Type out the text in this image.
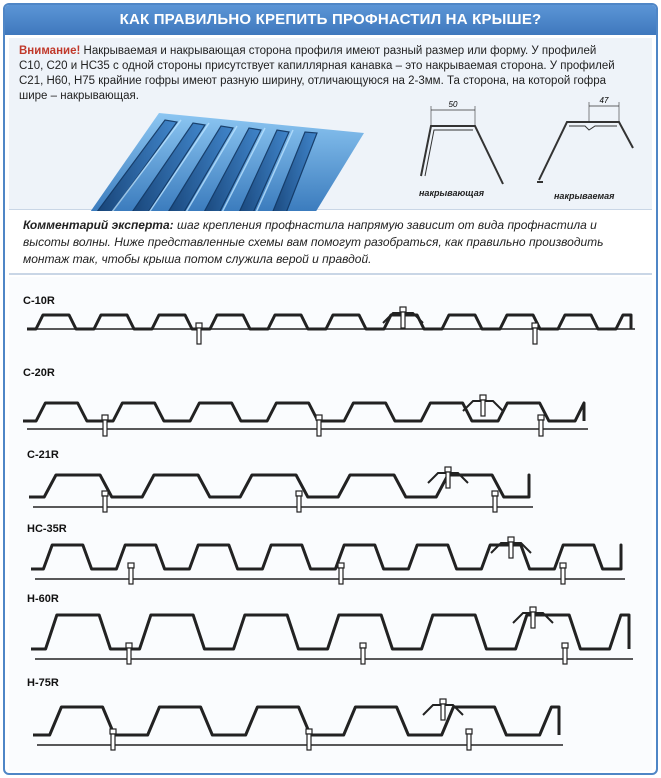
КАК ПРАВИЛЬНО КРЕПИТЬ ПРОФНАСТИЛ НА КРЫШЕ?
Внимание! Накрываемая и накрывающая сторона профиля имеют разный размер или форму. У профилей С10, С20 и НС35 с одной стороны присутствует капиллярная канавка – это накрываемая сторона. У профилей С21, Н60, Н75 крайние гофры имеют разную ширину, отличающуюся на 2-3мм. Та сторона, на которой гофра шире – накрывающая.
50
накрывающая
47
накрываемая
Комментарий эксперта: шаг крепления профнастила напрямую зависит от вида профнастила и высоты волны. Ниже представленные схемы вам помогут разобраться, как правильно производить монтаж так, чтобы крыша потом служила верой и правдой.
С-10R
С-20R
С-21R
НС-35R
Н-60R
Н-75R
